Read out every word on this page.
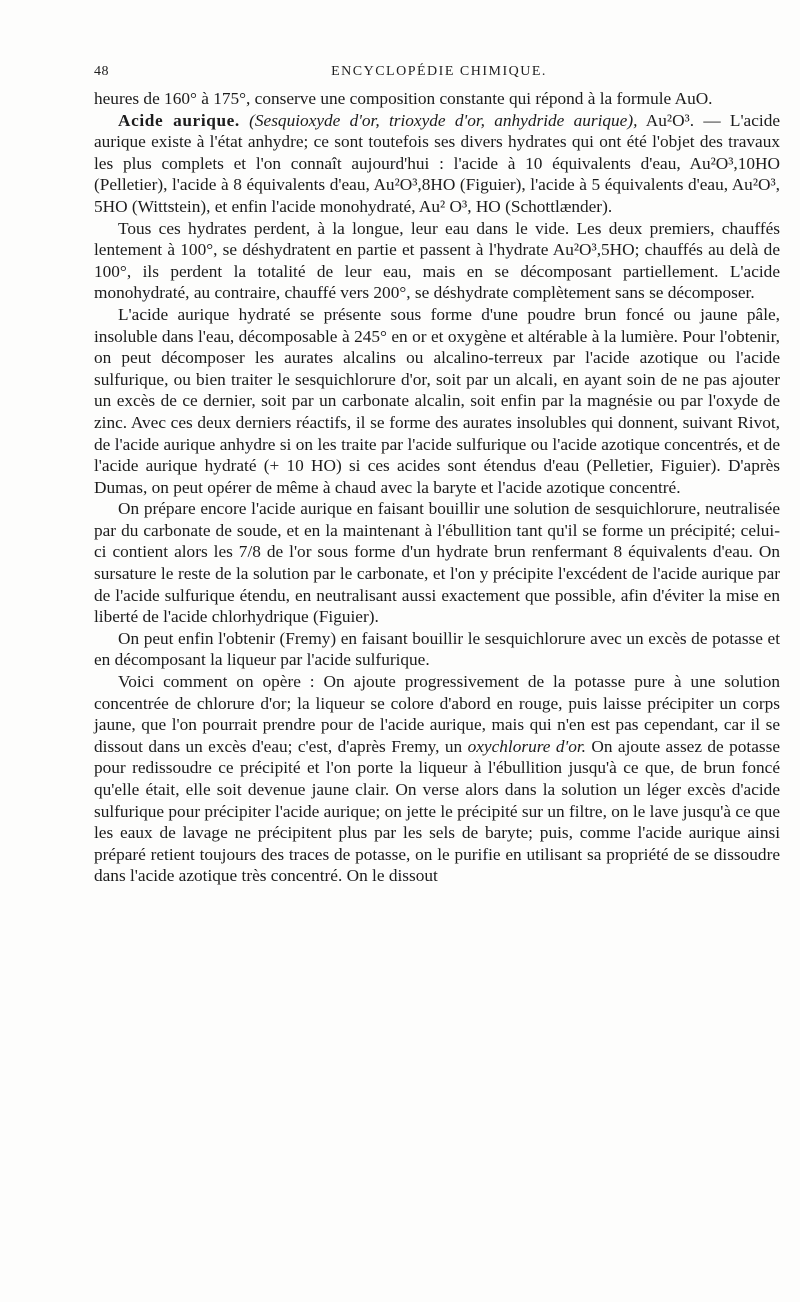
48	ENCYCLOPÉDIE CHIMIQUE.

heures de 160° à 175°, conserve une composition constante qui répond à la formule AuO.

Acide aurique. (Sesquioxyde d'or, trioxyde d'or, anhydride aurique), Au²O³. — L'acide aurique existe à l'état anhydre; ce sont toutefois ses divers hydrates qui ont été l'objet des travaux les plus complets et l'on connaît aujourd'hui : l'acide à 10 équivalents d'eau, Au²O³,10HO (Pelletier), l'acide à 8 équivalents d'eau, Au²O³,8HO (Figuier), l'acide à 5 équivalents d'eau, Au²O³, 5HO (Wittstein), et enfin l'acide monohydraté, Au² O³, HO (Schottlænder).

Tous ces hydrates perdent, à la longue, leur eau dans le vide. Les deux premiers, chauffés lentement à 100°, se déshydratent en partie et passent à l'hydrate Au²O³,5HO; chauffés au delà de 100°, ils perdent la totalité de leur eau, mais en se décomposant partiellement. L'acide monohydraté, au contraire, chauffé vers 200°, se déshydrate complètement sans se décomposer.

L'acide aurique hydraté se présente sous forme d'une poudre brun foncé ou jaune pâle, insoluble dans l'eau, décomposable à 245° en or et oxygène et altérable à la lumière. Pour l'obtenir, on peut décomposer les aurates alcalins ou alcalino-terreux par l'acide azotique ou l'acide sulfurique, ou bien traiter le sesquichlorure d'or, soit par un alcali, en ayant soin de ne pas ajouter un excès de ce dernier, soit par un carbonate alcalin, soit enfin par la magnésie ou par l'oxyde de zinc. Avec ces deux derniers réactifs, il se forme des aurates insolubles qui donnent, suivant Rivot, de l'acide aurique anhydre si on les traite par l'acide sulfurique ou l'acide azotique concentrés, et de l'acide aurique hydraté (+ 10 HO) si ces acides sont étendus d'eau (Pelletier, Figuier). D'après Dumas, on peut opérer de même à chaud avec la baryte et l'acide azotique concentré.

On prépare encore l'acide aurique en faisant bouillir une solution de sesquichlorure, neutralisée par du carbonate de soude, et en la maintenant à l'ébullition tant qu'il se forme un précipité; celui-ci contient alors les 7/8 de l'or sous forme d'un hydrate brun renfermant 8 équivalents d'eau. On sursature le reste de la solution par le carbonate, et l'on y précipite l'excédent de l'acide aurique par de l'acide sulfurique étendu, en neutralisant aussi exactement que possible, afin d'éviter la mise en liberté de l'acide chlorhydrique (Figuier).

On peut enfin l'obtenir (Fremy) en faisant bouillir le sesquichlorure avec un excès de potasse et en décomposant la liqueur par l'acide sulfurique.

Voici comment on opère : On ajoute progressivement de la potasse pure à une solution concentrée de chlorure d'or; la liqueur se colore d'abord en rouge, puis laisse précipiter un corps jaune, que l'on pourrait prendre pour de l'acide aurique, mais qui n'en est pas cependant, car il se dissout dans un excès d'eau; c'est, d'après Fremy, un oxychlorure d'or. On ajoute assez de potasse pour redissoudre ce précipité et l'on porte la liqueur à l'ébullition jusqu'à ce que, de brun foncé qu'elle était, elle soit devenue jaune clair. On verse alors dans la solution un léger excès d'acide sulfurique pour précipiter l'acide aurique; on jette le précipité sur un filtre, on le lave jusqu'à ce que les eaux de lavage ne précipitent plus par les sels de baryte; puis, comme l'acide aurique ainsi préparé retient toujours des traces de potasse, on le purifie en utilisant sa propriété de se dissoudre dans l'acide azotique très concentré. On le dissout
